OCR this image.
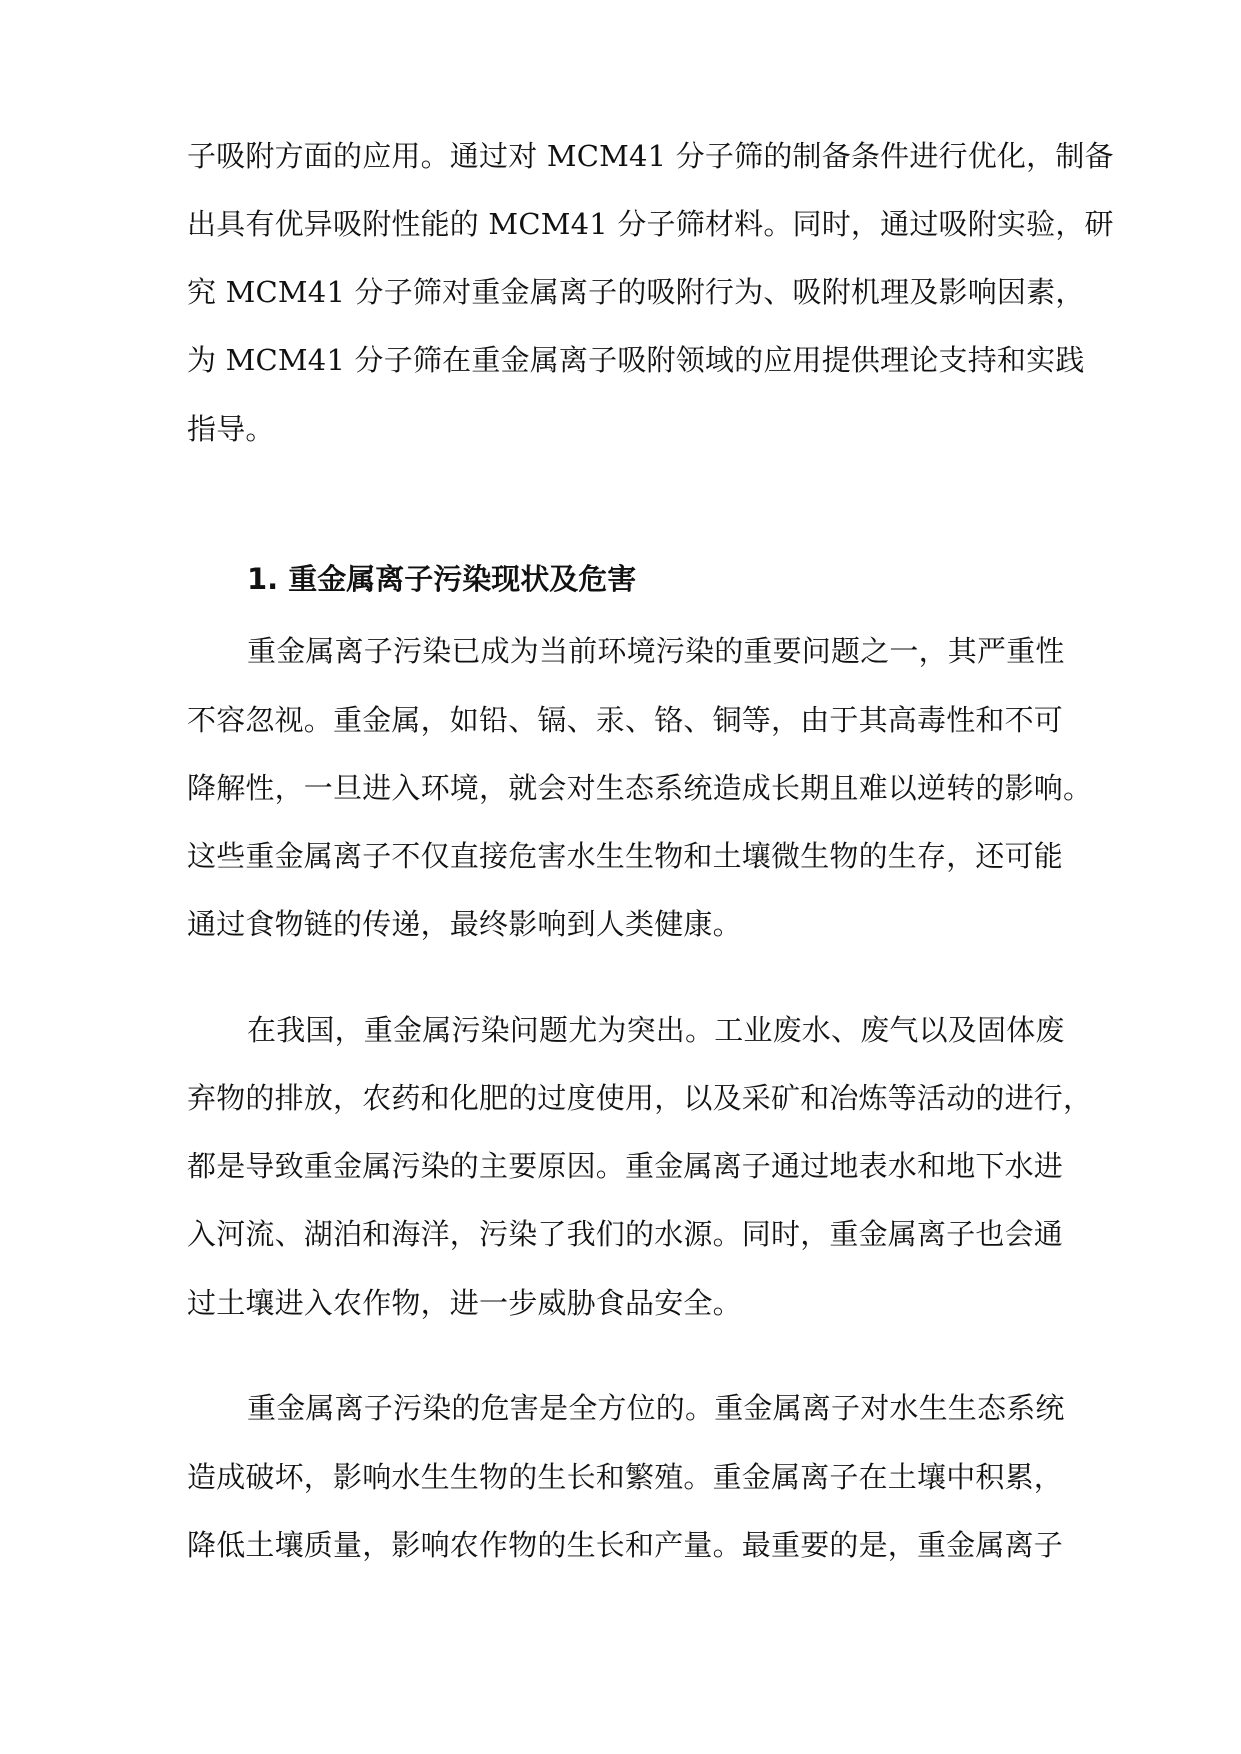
子吸附方面的应用。通过对 MCM41 分子筛的制备条件进行优化，制备
出具有优异吸附性能的 MCM41 分子筛材料。同时，通过吸附实验，研
究 MCM41 分子筛对重金属离子的吸附行为、吸附机理及影响因素，
为 MCM41 分子筛在重金属离子吸附领域的应用提供理论支持和实践
指导。
1. 重金属离子污染现状及危害
重金属离子污染已成为当前环境污染的重要问题之一，其严重性
不容忽视。重金属，如铅、镉、汞、铬、铜等，由于其高毒性和不可
降解性，一旦进入环境，就会对生态系统造成长期且难以逆转的影响。
这些重金属离子不仅直接危害水生生物和土壤微生物的生存，还可能
通过食物链的传递，最终影响到人类健康。
在我国，重金属污染问题尤为突出。工业废水、废气以及固体废
弃物的排放，农药和化肥的过度使用，以及采矿和冶炼等活动的进行，
都是导致重金属污染的主要原因。重金属离子通过地表水和地下水进
入河流、湖泊和海洋，污染了我们的水源。同时，重金属离子也会通
过土壤进入农作物，进一步威胁食品安全。
重金属离子污染的危害是全方位的。重金属离子对水生生态系统
造成破坏，影响水生生物的生长和繁殖。重金属离子在土壤中积累，
降低土壤质量，影响农作物的生长和产量。最重要的是，重金属离子
